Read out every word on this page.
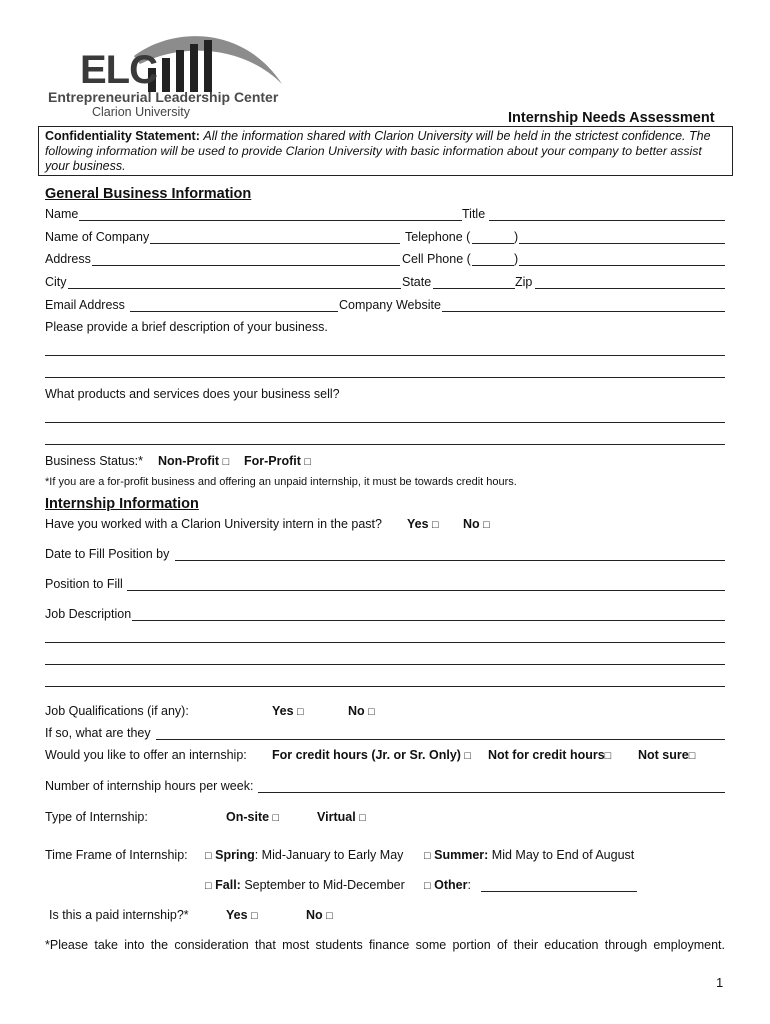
ELC
Entrepreneurial Leadership Center
Clarion University	Internship Needs Assessment
Confidentiality Statement: All the information shared with Clarion University will be held in the strictest confidence. The
following information will be used to provide Clarion University with basic information about your company to better assist
your business.
General Business Information
Name	Title
Name of Company	Telephone (	)
Address	Cell Phone (	)
City	State	Zip
Email Address	Company Website
Please provide a brief description of your business.
What products and services does your business sell?
Business Status:* Non-Profit □ For-Profit □
*If you are a for-profit business and offering an unpaid internship, it must be towards credit hours.
Internship Information
Have you worked with a Clarion University intern in the past? Yes □ No □
Date to Fill Position by
Position to Fill
Job Description
Job Qualifications (if any):	Yes □	No □
If so, what are they
Would you like to offer an internship: For credit hours (Jr. or Sr. Only) □ Not for credit hours□ Not sure□
Number of internship hours per week:
Type of Internship:	On-site □	Virtual □
Time Frame of Internship: □ Spring: Mid-January to Early May □ Summer: Mid May to End of August
□ Fall: September to Mid-December □ Other:
Is this a paid internship?*	Yes □	No □
*Please take into the consideration that most students finance some portion of their education through employment.
1
